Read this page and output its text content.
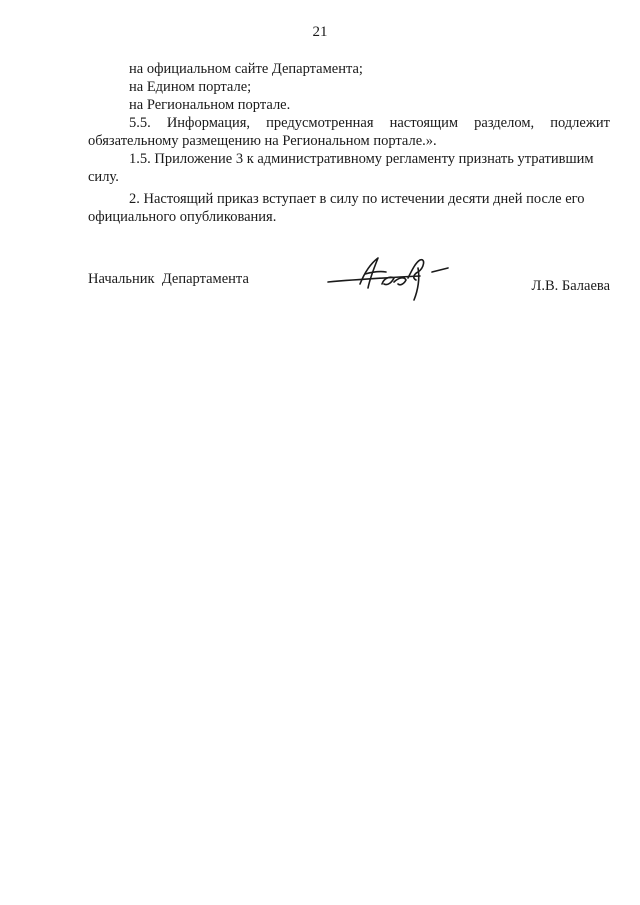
21
на официальном сайте Департамента;
на Едином портале;
на Региональном портале.
5.5. Информация, предусмотренная настоящим разделом, подлежит
обязательному размещению на Региональном портале.».
1.5. Приложение 3 к административному регламенту признать утратившим
силу.
2. Настоящий приказ вступает в силу по истечении десяти дней после его
официального опубликования.
Начальник  Департамента	Л.В. Балаева
